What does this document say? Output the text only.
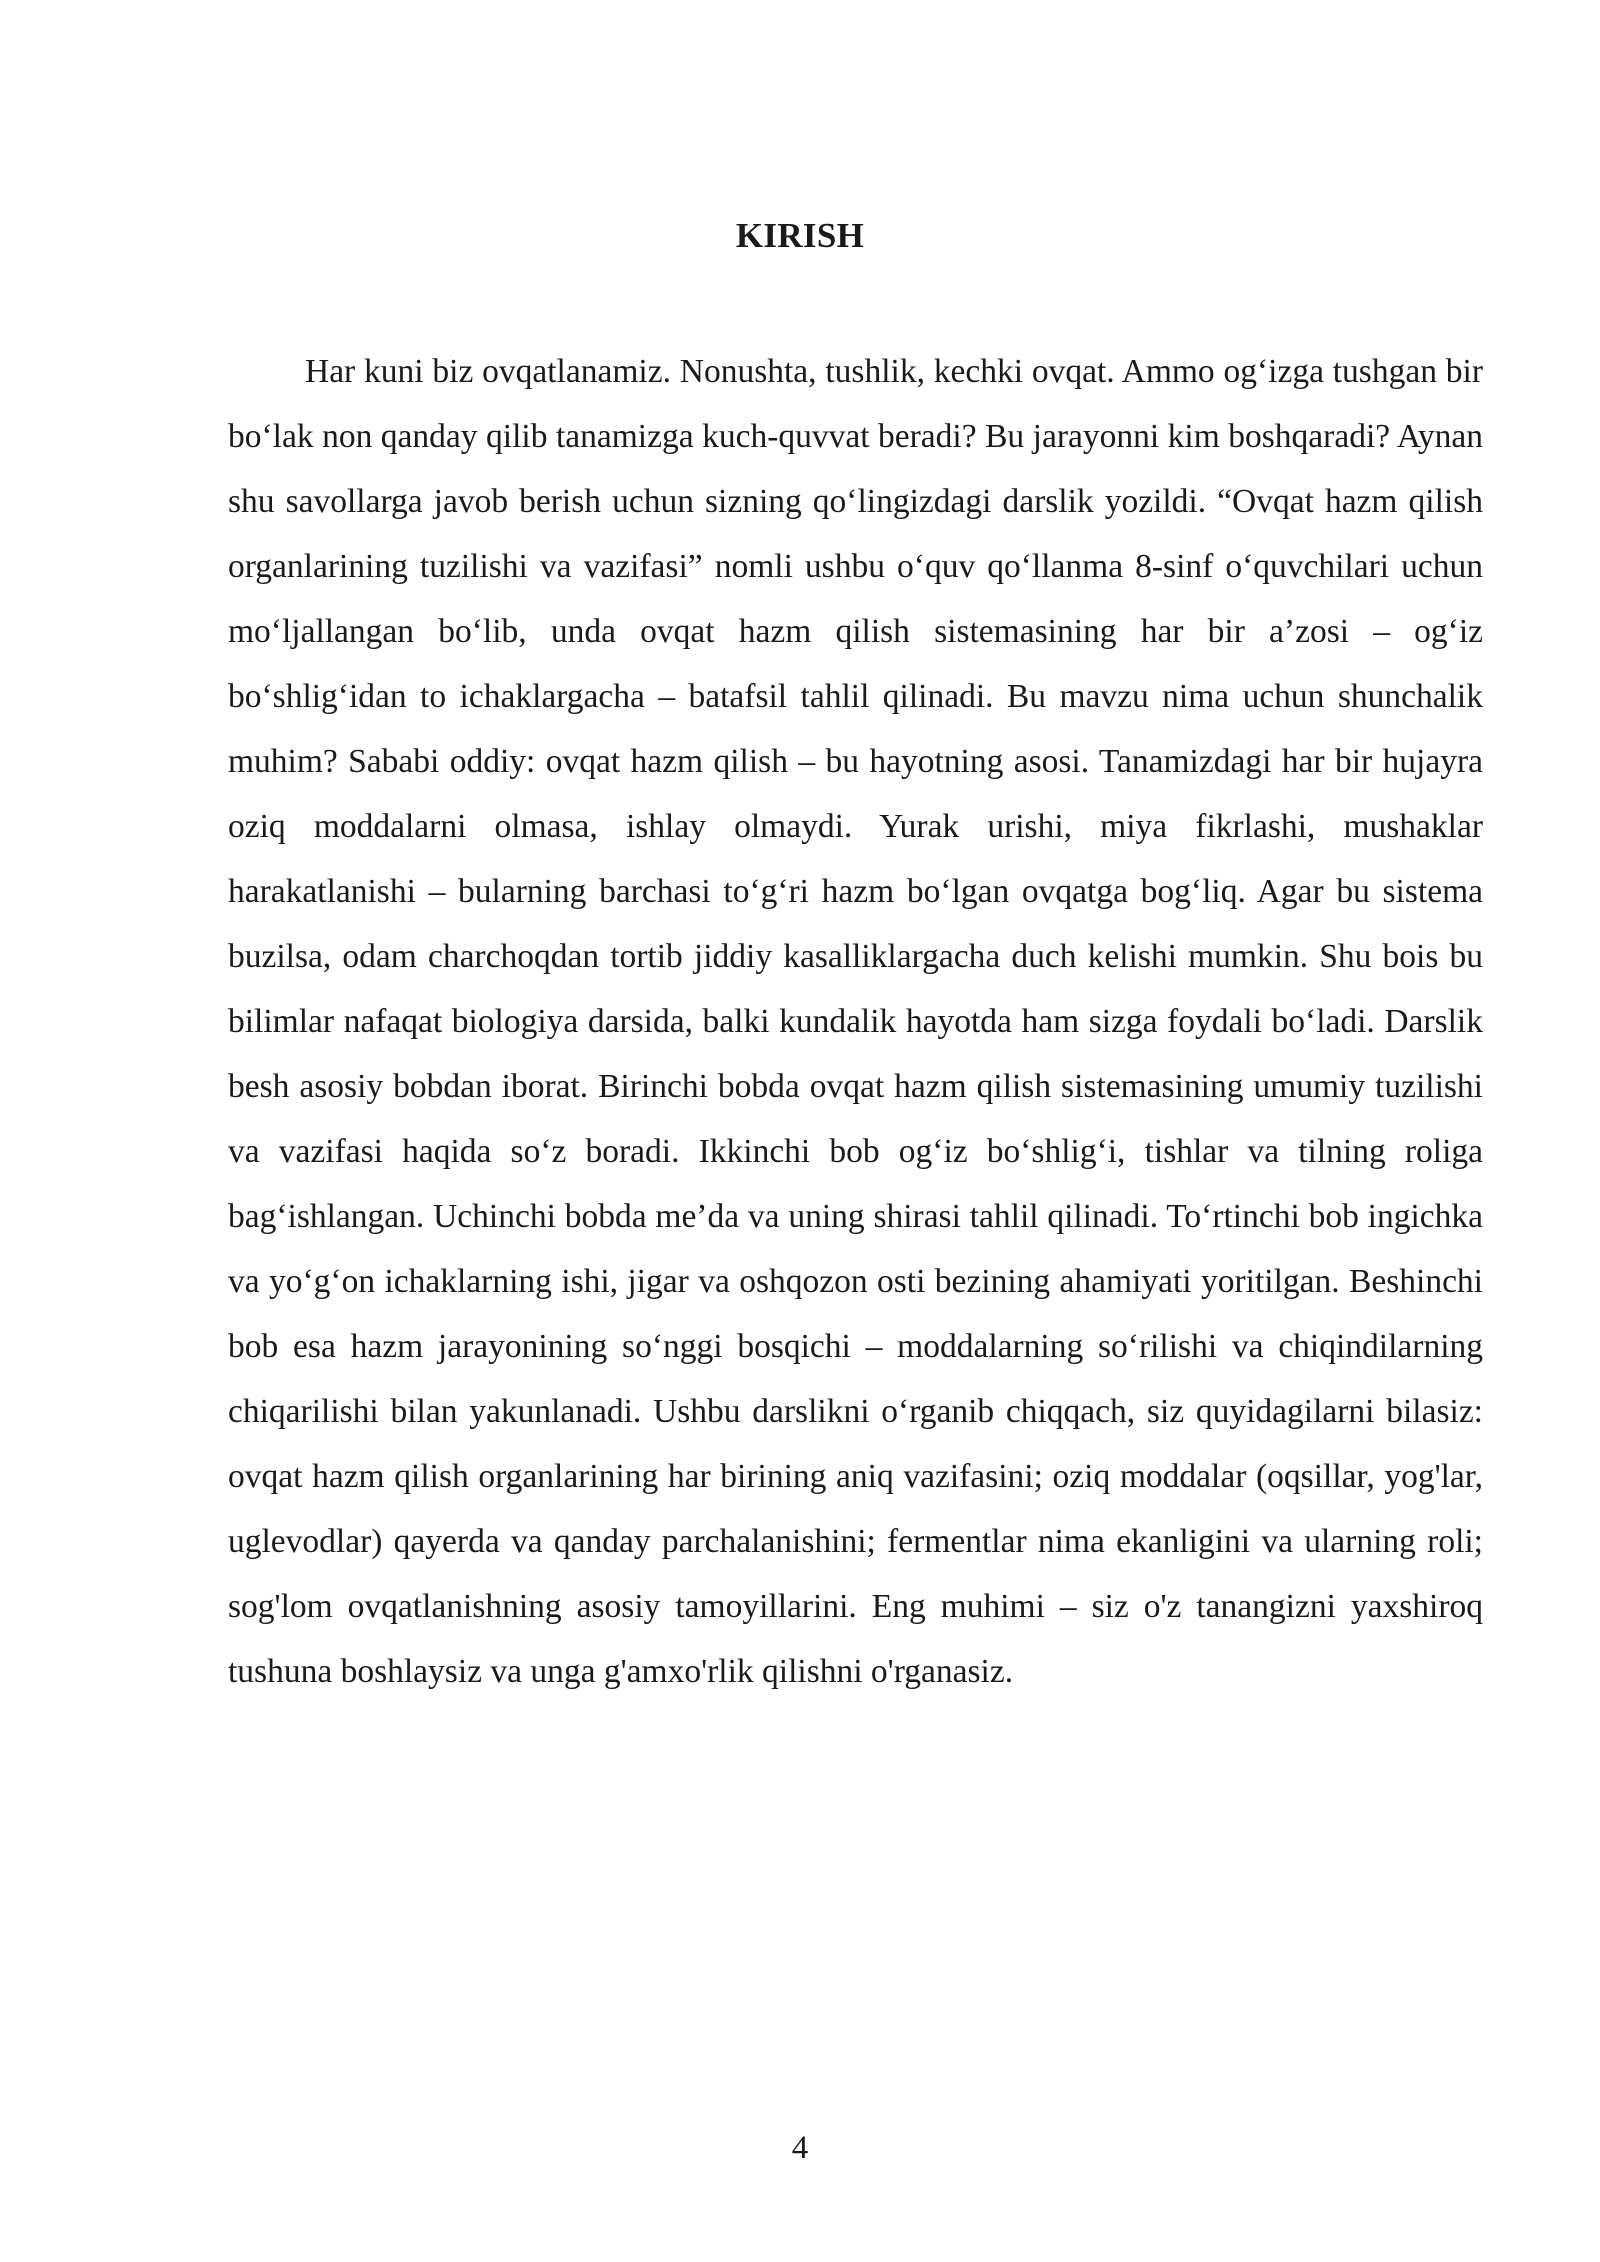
KIRISH

Har kuni biz ovqatlanamiz. Nonushta, tushlik, kechki ovqat. Ammo og‘izga tushgan bir bo‘lak non qanday qilib tanamizga kuch-quvvat beradi? Bu jarayonni kim boshqaradi? Aynan shu savollarga javob berish uchun sizning qo‘lingizdagi darslik yozildi. “Ovqat hazm qilish organlarining tuzilishi va vazifasi” nomli ushbu o‘quv qo‘llanma 8-sinf o‘quvchilari uchun mo‘ljallangan bo‘lib, unda ovqat hazm qilish sistemasining har bir a’zosi – og‘iz bo‘shlig‘idan to ichaklargacha – batafsil tahlil qilinadi. Bu mavzu nima uchun shunchalik muhim? Sababi oddiy: ovqat hazm qilish – bu hayotning asosi. Tanamizdagi har bir hujayra oziq moddalarni olmasa, ishlay olmaydi. Yurak urishi, miya fikrlashi, mushaklar harakatlanishi – bularning barchasi to‘g‘ri hazm bo‘lgan ovqatga bog‘liq. Agar bu sistema buzilsa, odam charchoqdan tortib jiddiy kasalliklargacha duch kelishi mumkin. Shu bois bu bilimlar nafaqat biologiya darsida, balki kundalik hayotda ham sizga foydali bo‘ladi. Darslik besh asosiy bobdan iborat. Birinchi bobda ovqat hazm qilish sistemasining umumiy tuzilishi va vazifasi haqida so‘z boradi. Ikkinchi bob og‘iz bo‘shlig‘i, tishlar va tilning roliga bag‘ishlangan. Uchinchi bobda me’da va uning shirasi tahlil qilinadi. To‘rtinchi bob ingichka va yo‘g‘on ichaklarning ishi, jigar va oshqozon osti bezining ahamiyati yoritilgan. Beshinchi bob esa hazm jarayonining so‘nggi bosqichi – moddalarning so‘rilishi va chiqindilarning chiqarilishi bilan yakunlanadi. Ushbu darslikni o‘rganib chiqqach, siz quyidagilarni bilasiz: ovqat hazm qilish organlarining har birining aniq vazifasini; oziq moddalar (oqsillar, yog'lar, uglevodlar) qayerda va qanday parchalanishini; fermentlar nima ekanligini va ularning roli; sog'lom ovqatlanishning asosiy tamoyillarini. Eng muhimi – siz o'z tanangizni yaxshiroq tushuna boshlaysiz va unga g'amxo'rlik qilishni o'rganasiz.

4
